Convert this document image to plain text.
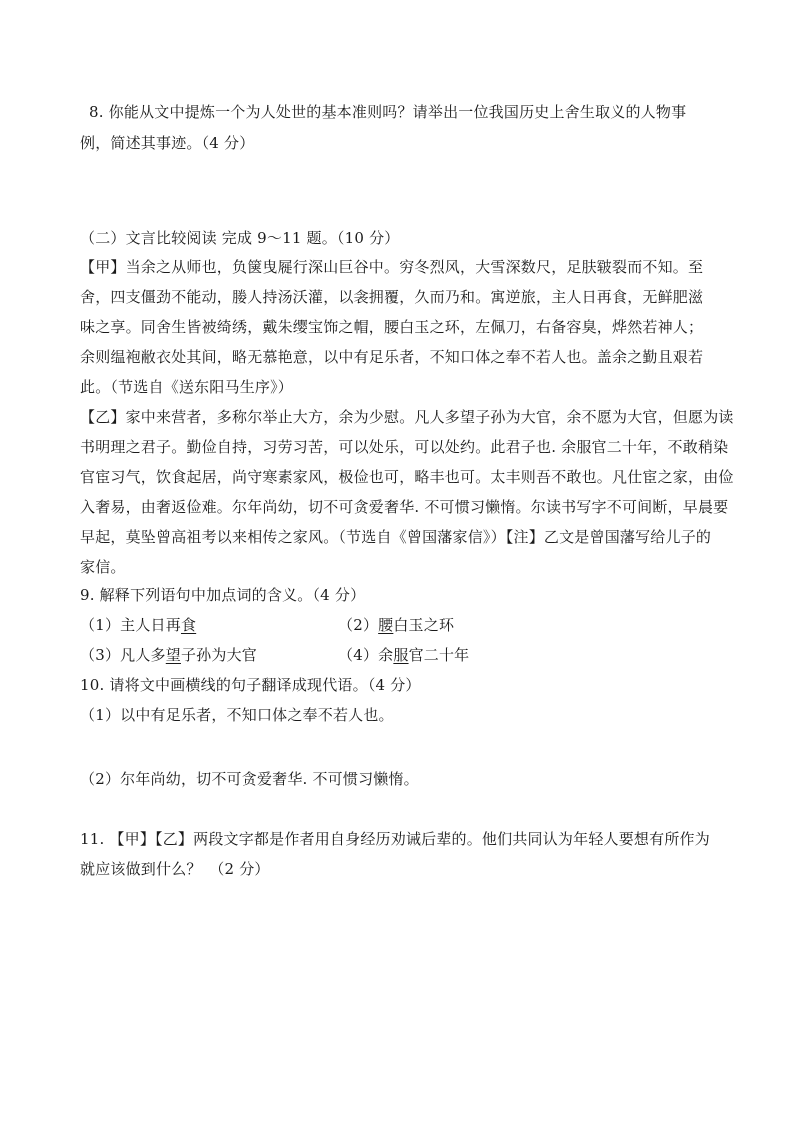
8. 你能从文中提炼一个为人处世的基本准则吗？请举出一位我国历史上舍生取义的人物事
例，简述其事迹。（4 分）
（二）文言比较阅读 完成 9～11 题。（10 分）
【甲】当余之从师也，负箧曳屣行深山巨谷中。穷冬烈风，大雪深数尺，足肤皲裂而不知。至
舍，四支僵劲不能动，媵人持汤沃灌，以衾拥覆，久而乃和。寓逆旅，主人日再食，无鲜肥滋
味之享。同舍生皆被绮绣，戴朱缨宝饰之帽，腰白玉之环，左佩刀，右备容臭，烨然若神人；
余则缊袍敝衣处其间，略无慕艳意，以中有足乐者，不知口体之奉不若人也。盖余之勤且艰若
此。（节选自《送东阳马生序》）
【乙】家中来营者，多称尔举止大方，余为少慰。凡人多望子孙为大官，余不愿为大官，但愿为读
书明理之君子。勤俭自持，习劳习苦，可以处乐，可以处约。此君子也. 余服官二十年，不敢稍染
官宦习气，饮食起居，尚守寒素家风，极俭也可，略丰也可。太丰则吾不敢也。凡仕宦之家，由俭
入奢易，由奢返俭难。尔年尚幼，切不可贪爱奢华. 不可惯习懒惰。尔读书写字不可间断，早晨要
早起，莫坠曾高祖考以来相传之家风。（节选自《曾国藩家信》）【注】乙文是曾国藩写给儿子的
家信。
9. 解释下列语句中加点词的含义。（4 分）
（1）主人日再食	（2）腰白玉之环
（3）凡人多望子孙为大官	（4）余服官二十年
10. 请将文中画横线的句子翻译成现代语。（4 分）
（1）以中有足乐者，不知口体之奉不若人也。
（2）尔年尚幼，切不可贪爱奢华. 不可惯习懒惰。
11. 【甲】【乙】两段文字都是作者用自身经历劝诫后辈的。他们共同认为年轻人要想有所作为
就应该做到什么？　（2 分）
